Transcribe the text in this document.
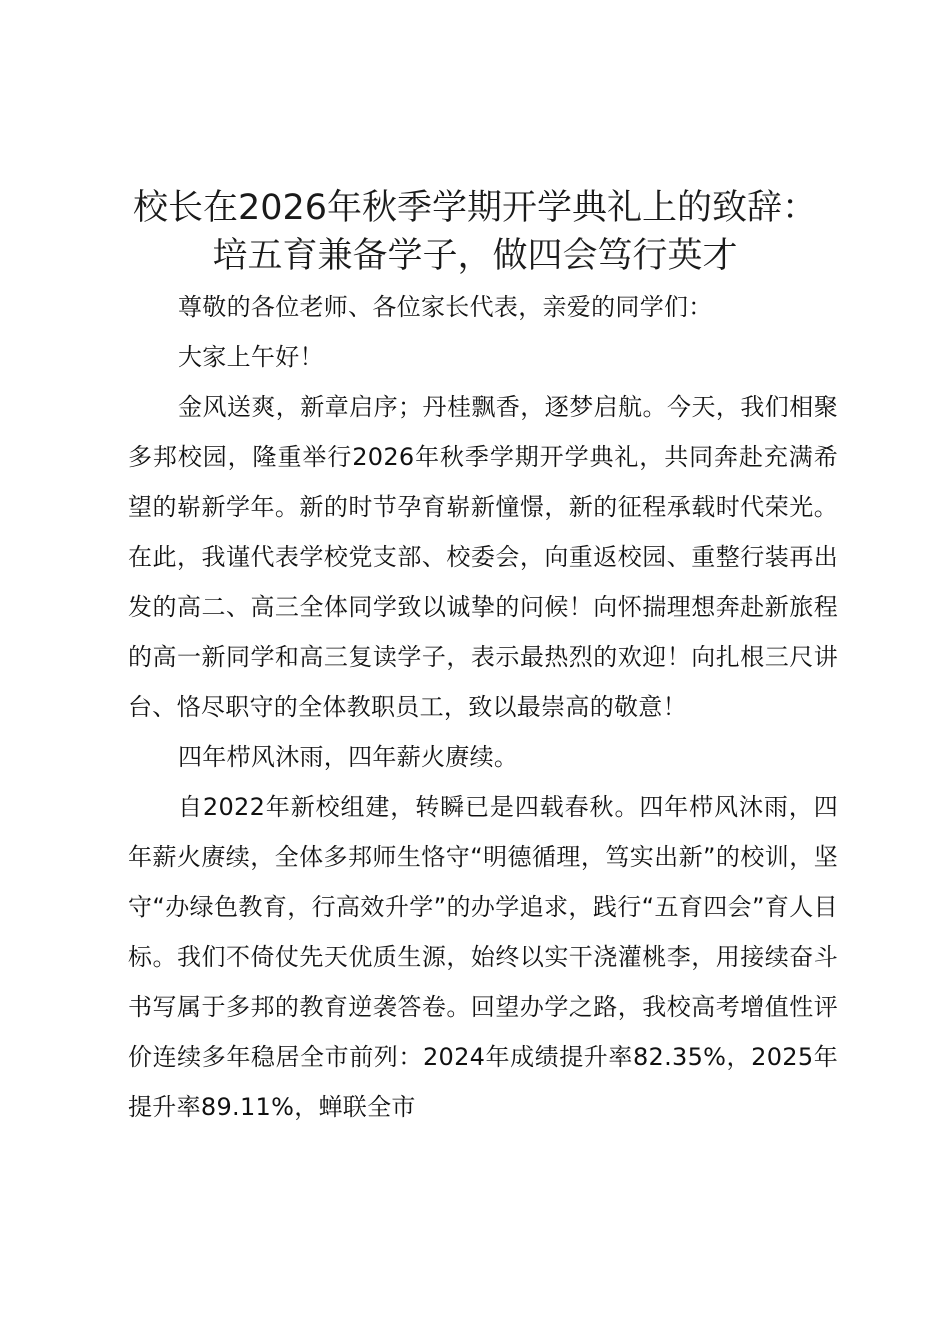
校长在2026年秋季学期开学典礼上的致辞：
培五育兼备学子，做四会笃行英才

尊敬的各位老师、各位家长代表，亲爱的同学们：

大家上午好！

金风送爽，新章启序；丹桂飘香，逐梦启航。今天，我们相聚多邦校园，隆重举行2026年秋季学期开学典礼，共同奔赴充满希望的崭新学年。新的时节孕育崭新憧憬，新的征程承载时代荣光。在此，我谨代表学校党支部、校委会，向重返校园、重整行装再出发的高二、高三全体同学致以诚挚的问候！向怀揣理想奔赴新旅程的高一新同学和高三复读学子，表示最热烈的欢迎！向扎根三尺讲台、恪尽职守的全体教职员工，致以最崇高的敬意！

四年栉风沐雨，四年薪火赓续。

自2022年新校组建，转瞬已是四载春秋。四年栉风沐雨，四年薪火赓续，全体多邦师生恪守“明德循理，笃实出新”的校训，坚守“办绿色教育，行高效升学”的办学追求，践行“五育四会”育人目标。我们不倚仗先天优质生源，始终以实干浇灌桃李，用接续奋斗书写属于多邦的教育逆袭答卷。回望办学之路，我校高考增值性评价连续多年稳居全市前列：2024年成绩提升率82.35%，2025年提升率89.11%，蝉联全市
